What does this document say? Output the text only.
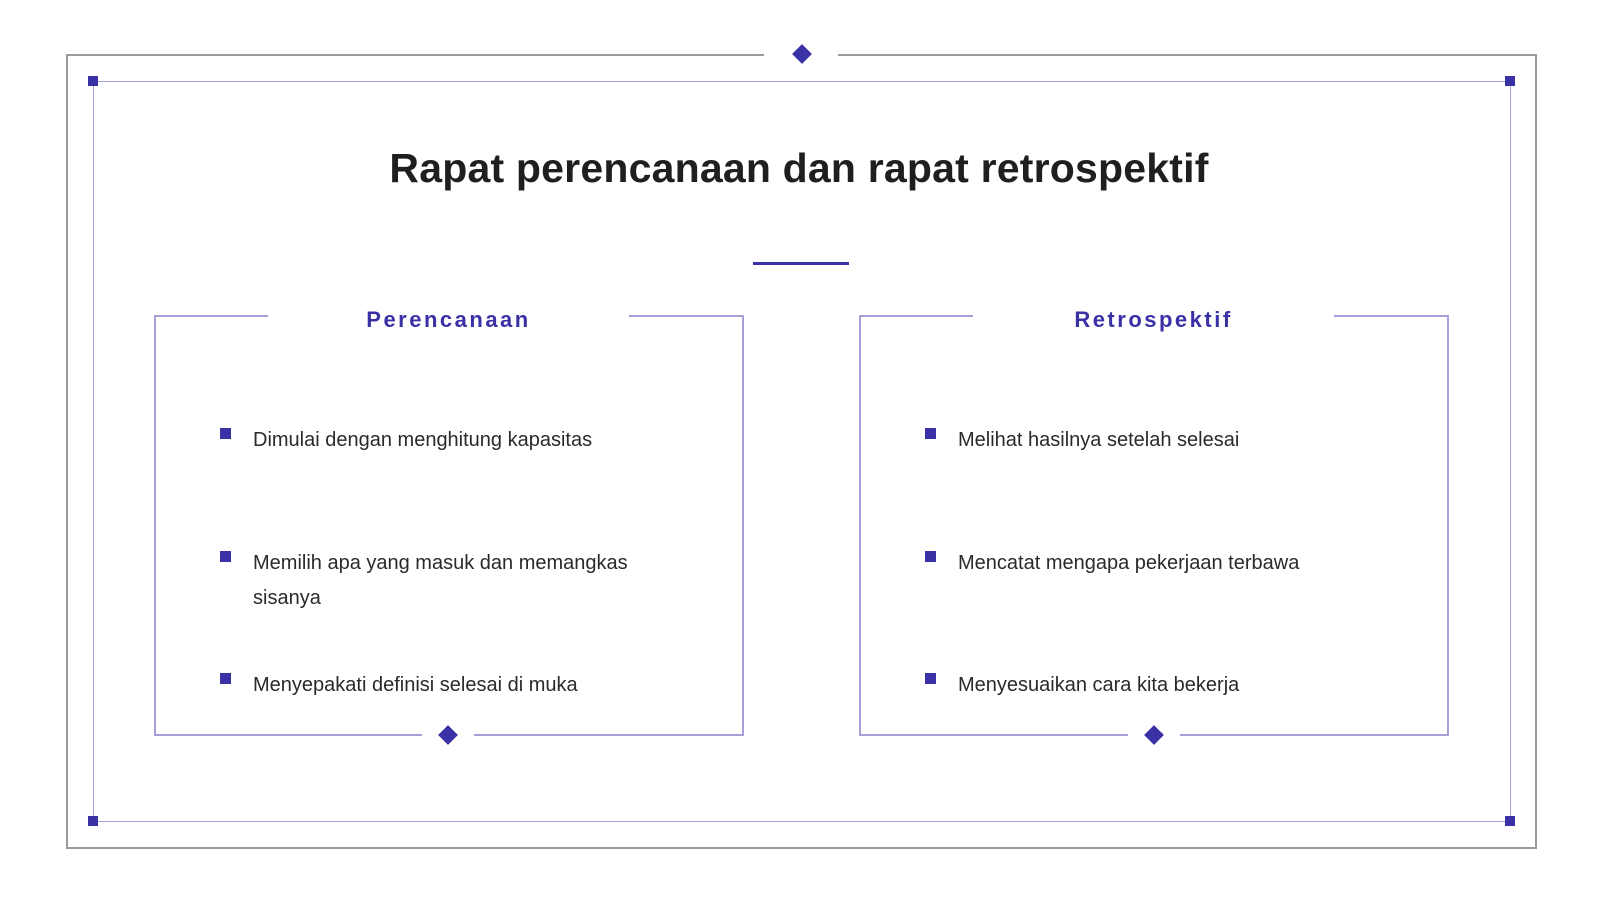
Rapat perencanaan dan rapat retrospektif
Perencanaan
Dimulai dengan menghitung kapasitas
Memilih apa yang masuk dan memangkas sisanya
Menyepakati definisi selesai di muka
Retrospektif
Melihat hasilnya setelah selesai
Mencatat mengapa pekerjaan terbawa
Menyesuaikan cara kita bekerja
